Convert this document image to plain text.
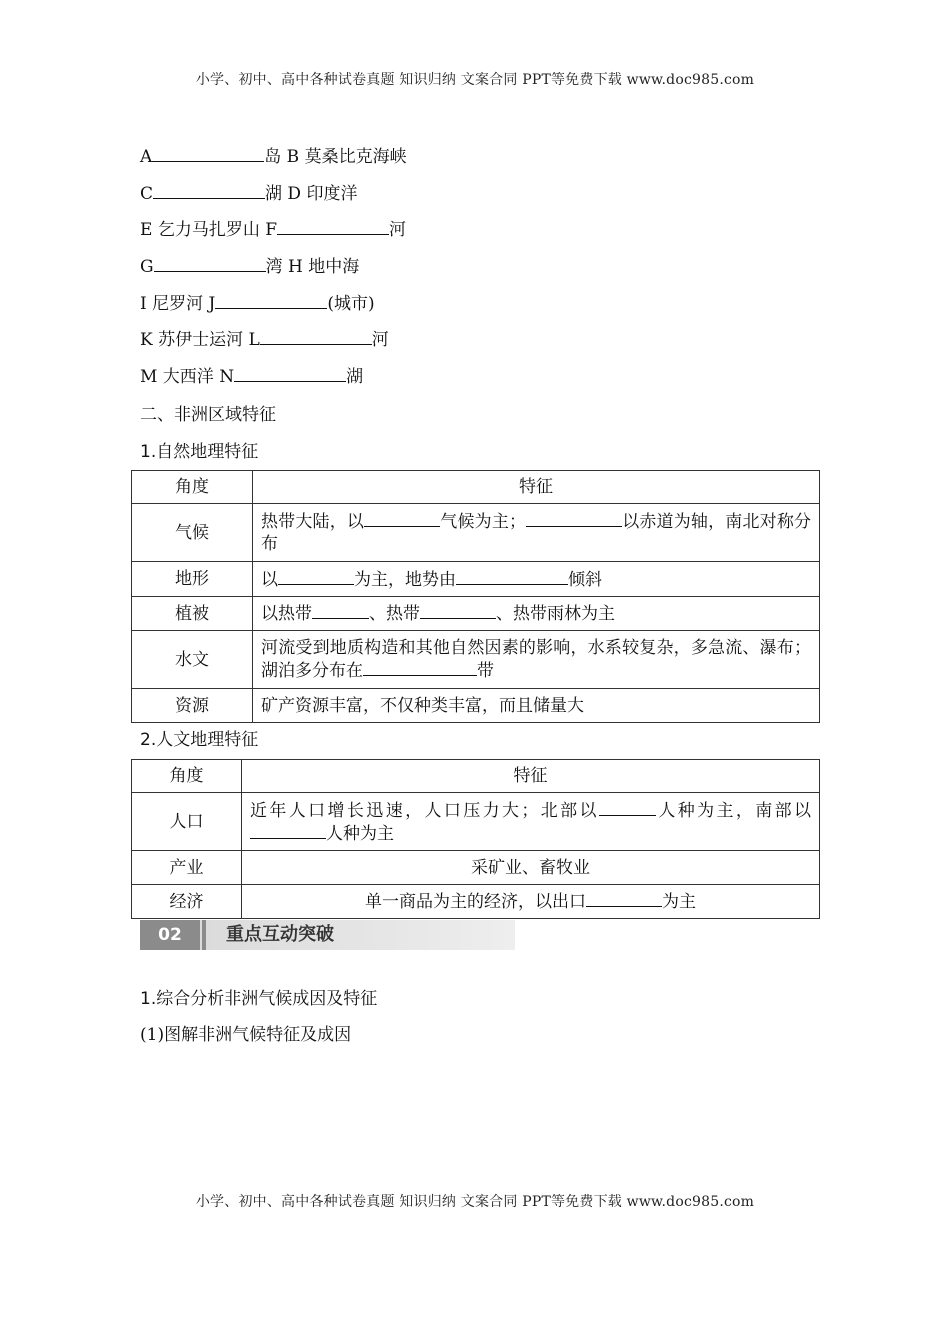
小学、初中、高中各种试卷真题 知识归纳 文案合同 PPT等免费下载 www.doc985.com
A	岛 B 莫桑比克海峡
C	湖 D 印度洋
E 乞力马扎罗山 F	河
G	湾 H 地中海
I 尼罗河 J	(城市)
K 苏伊士运河 L	河
M 大西洋 N	湖
二、非洲区域特征
1.自然地理特征
角度	特征
气候	热带大陆，以 气候为主； 以赤道为轴，南北对称分布
地形	以 为主，地势由 倾斜
植被	以热带 、热带 、热带雨林为主
水文	河流受到地质构造和其他自然因素的影响，水系较复杂，多急流、瀑布；湖泊多分布在 带
资源	矿产资源丰富，不仅种类丰富，而且储量大
2.人文地理特征
角度	特征
人口	近年人口增长迅速，人口压力大；北部以 人种为主，南部以人种为主
产业	采矿业、畜牧业
经济	单一商品为主的经济，以出口 为主
02	重点互动突破
1.综合分析非洲气候成因及特征
(1)图解非洲气候特征及成因
小学、初中、高中各种试卷真题 知识归纳 文案合同 PPT等免费下载 www.doc985.com
